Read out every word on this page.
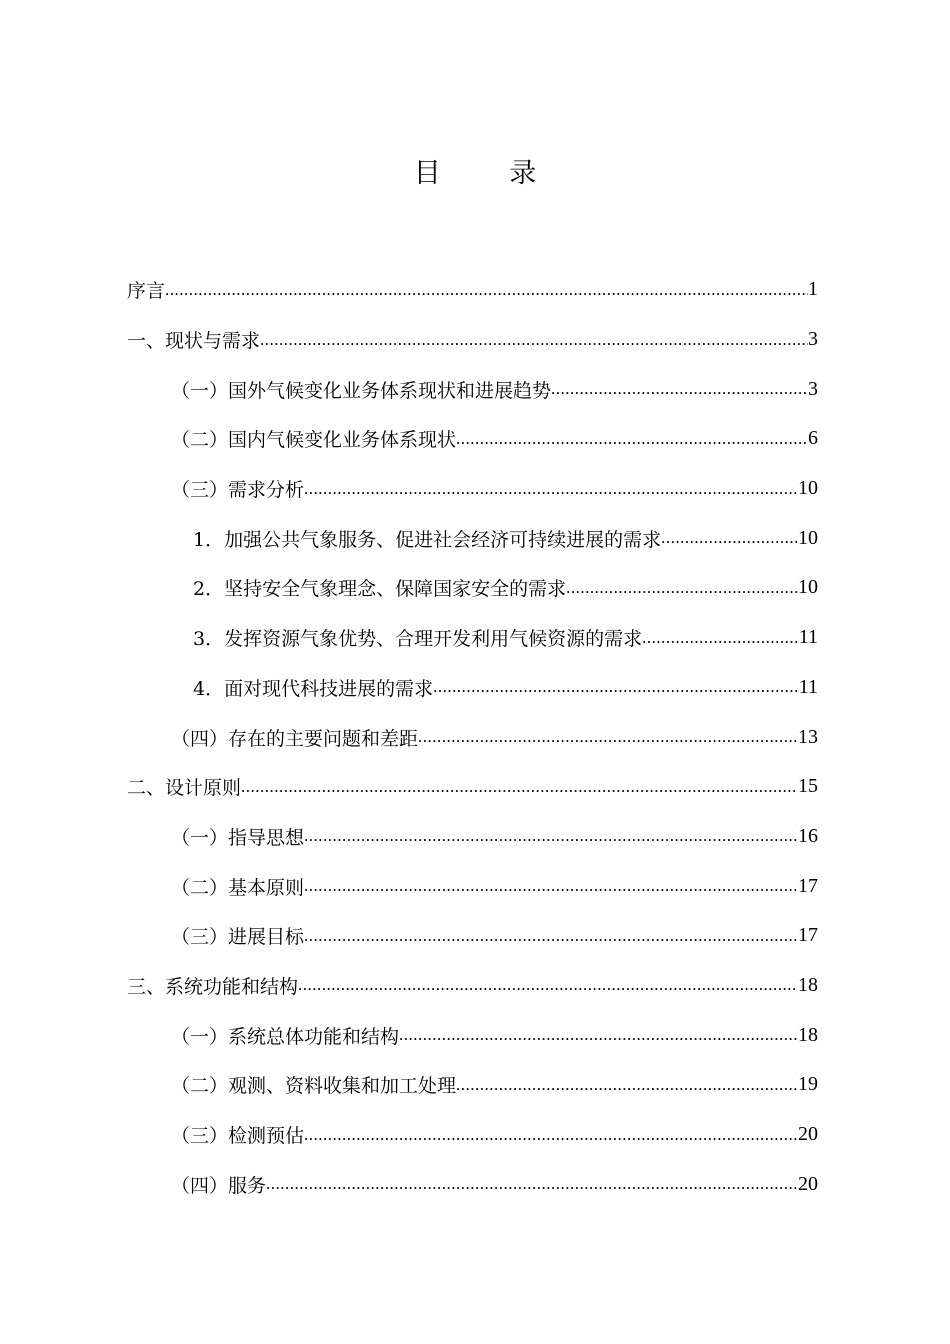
目 录
序言 .....	1
一、现状与需求 .....	3
（一）国外气候变化业务体系现状和进展趋势 .....	3
（二）国内气候变化业务体系现状 .....	6
（三）需求分析 .....	10
1．加强公共气象服务、促进社会经济可持续进展的需求 .....	10
2．坚持安全气象理念、保障国家安全的需求 .....	10
3．发挥资源气象优势、合理开发利用气候资源的需求 .....	11
4．面对现代科技进展的需求 .....	11
（四）存在的主要问题和差距 .....	13
二、设计原则 .....	15
（一）指导思想 .....	16
（二）基本原则 .....	17
（三）进展目标 .....	17
三、系统功能和结构 .....	18
（一）系统总体功能和结构 .....	18
（二）观测、资料收集和加工处理 .....	19
（三）检测预估 .....	20
（四）服务 .....	20
